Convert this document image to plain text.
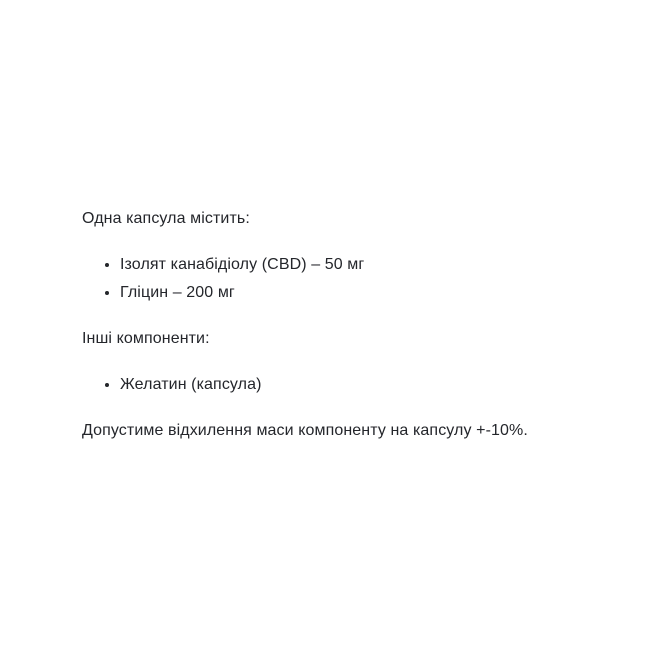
Одна капсула містить:

• Ізолят канабідіолу (CBD) – 50 мг
• Гліцин – 200 мг

Інші компоненти:

• Желатин (капсула)

Допустиме відхилення маси компоненту на капсулу +-10%.
